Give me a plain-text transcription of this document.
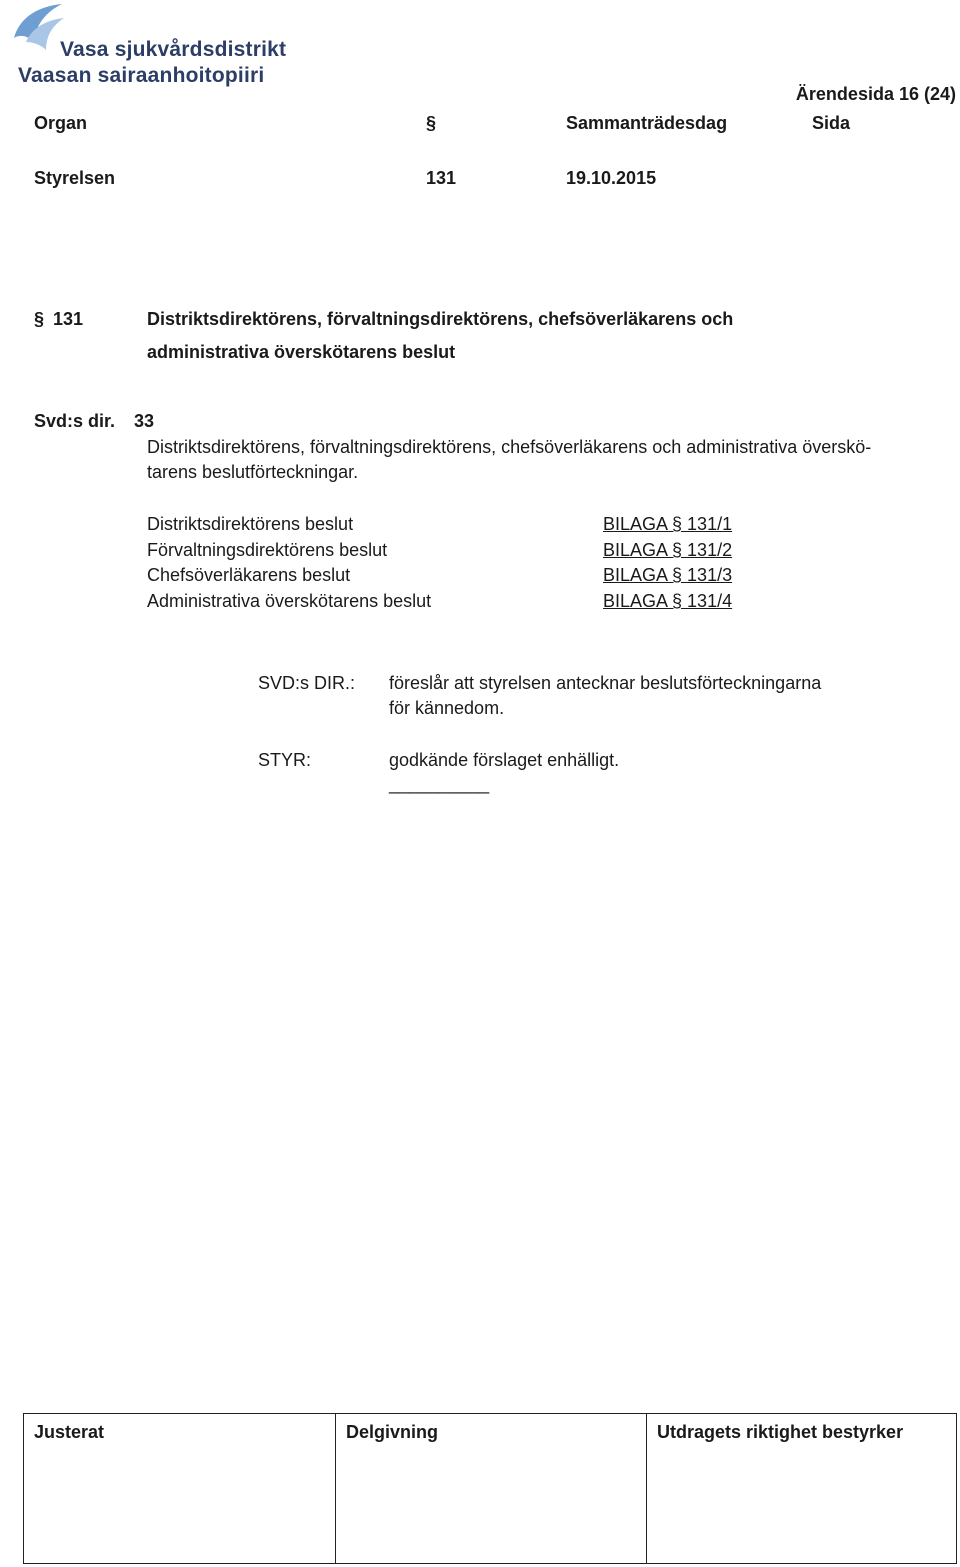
Vasa sjukvårdsdistrikt
Vaasan sairaanhoitopiiri
Ärendesida 16 (24)
Organ	§	Sammanträdesdag	Sida
Styrelsen	131	19.10.2015
§ 131	Distriktsdirektörens, förvaltningsdirektörens, chefsöverläkarens och
administrativa överskötarens beslut
Svd:s dir. 33
Distriktsdirektörens, förvaltningsdirektörens, chefsöverläkarens och administrativa överskö-
tarens beslutförteckningar.
Distriktsdirektörens beslut	BILAGA § 131/1
Förvaltningsdirektörens beslut	BILAGA § 131/2
Chefsöverläkarens beslut	BILAGA § 131/3
Administrativa överskötarens beslut	BILAGA § 131/4
SVD:s DIR.: föreslår att styrelsen antecknar beslutsförteckningarna
för kännedom.
STYR:	godkände förslaget enhälligt.
__________
Justerat	Delgivning	Utdragets riktighet bestyrker
